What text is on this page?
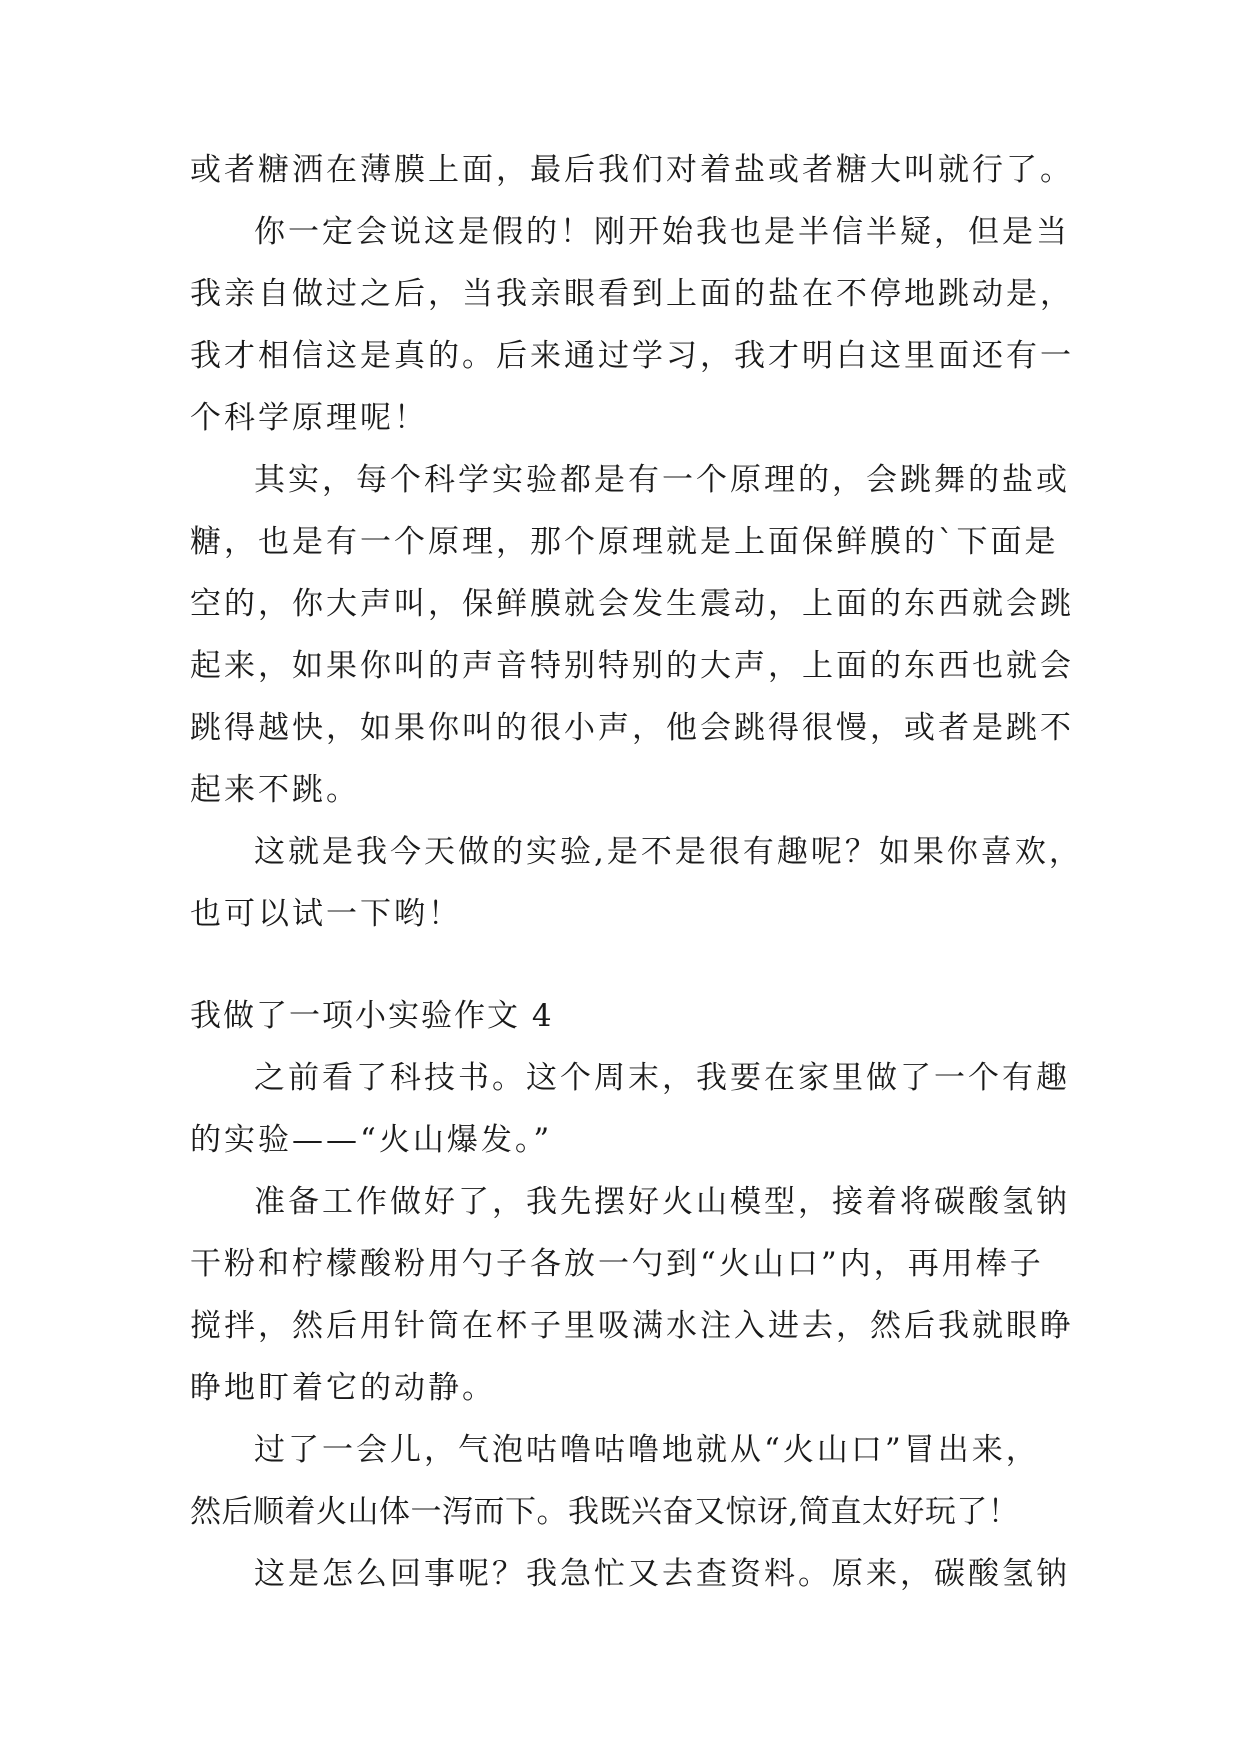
或者糖洒在薄膜上面，最后我们对着盐或者糖大叫就行了。
你一定会说这是假的！刚开始我也是半信半疑，但是当
我亲自做过之后，当我亲眼看到上面的盐在不停地跳动是，
我才相信这是真的。后来通过学习，我才明白这里面还有一
个科学原理呢！
其实，每个科学实验都是有一个原理的，会跳舞的盐或
糖，也是有一个原理，那个原理就是上面保鲜膜的`下面是
空的，你大声叫，保鲜膜就会发生震动，上面的东西就会跳
起来，如果你叫的声音特别特别的大声，上面的东西也就会
跳得越快，如果你叫的很小声，他会跳得很慢，或者是跳不
起来不跳。
这就是我今天做的实验,是不是很有趣呢？如果你喜欢，
也可以试一下哟！
我做了一项小实验作文 4
之前看了科技书。这个周末，我要在家里做了一个有趣
的实验——“火山爆发。”
准备工作做好了，我先摆好火山模型，接着将碳酸氢钠
干粉和柠檬酸粉用勺子各放一勺到“火山口”内，再用棒子
搅拌，然后用针筒在杯子里吸满水注入进去，然后我就眼睁
睁地盯着它的动静。
过了一会儿，气泡咕噜咕噜地就从“火山口”冒出来，
然后顺着火山体一泻而下。我既兴奋又惊讶,简直太好玩了！
这是怎么回事呢？我急忙又去查资料。原来，碳酸氢钠
